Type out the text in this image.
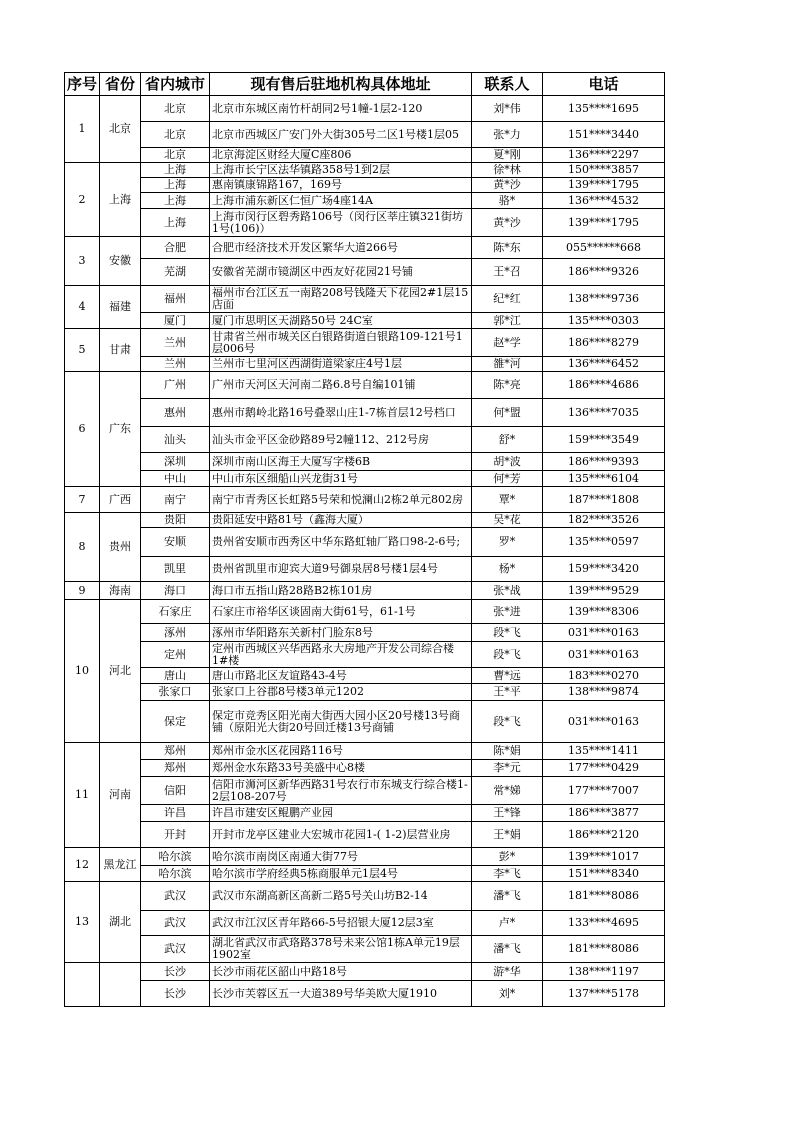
序号	省份	省内城市	现有售后驻地机构具体地址	联系人	电话
1	北京	北京	北京市东城区南竹杆胡同2号1幢-1层2-120	刘*伟	135****1695

		北京	北京市西城区广安门外大街305号二区1号楼1层05	张*力	151****3440

		北京	北京海淀区财经大厦C座806	夏*刚	136****2297

2	上海	上海	上海市长宁区法华镇路358号1到2层	徐*林	150****3857

		上海	惠南镇康锦路167，169号	黄*沙	139****1795

		上海	上海市浦东新区仁恒广场4座14A	骆*	136****4532

		上海	上海市闵行区碧秀路106号（闵行区莘庄镇321街坊1号(106)）	黄*沙	139****1795

3	安徽	合肥	合肥市经济技术开发区繁华大道266号	陈*东	055******668

		芜湖	安徽省芜湖市镜湖区中西友好花园21号铺	王*召	186****9326

4	福建	福州	福州市台江区五一南路208号钱隆天下花园2#1层15店面	纪*红	138****9736

		厦门	厦门市思明区天湖路50号 24C室	郭*江	135****0303

5	甘肃	兰州	甘肃省兰州市城关区白银路街道白银路109-121号1层006号	赵*学	186****8279

		兰州	兰州市七里河区西湖街道梁家庄4号1层	雒*河	136****6452

6	广东	广州	广州市天河区天河南二路6.8号自编101铺	陈*亮	186****4686

		惠州	惠州市鹅岭北路16号叠翠山庄1-7栋首层12号档口	何*盟	136****7035

		汕头	汕头市金平区金砂路89号2幢112、212号房	舒*	159****3549

		深圳	深圳市南山区海王大厦写字楼6B	胡*波	186****9393

		中山	中山市东区细船山兴龙街31号	何*芳	135****6104

7	广西	南宁	南宁市青秀区长虹路5号荣和悦澜山2栋2单元802房	覃*	187****1808

8	贵州	贵阳	贵阳延安中路81号（鑫海大厦）	吴*花	182****3526

		安顺	贵州省安顺市西秀区中华东路虹轴厂路口98-2-6号;	罗*	135****0597

		凯里	贵州省凯里市迎宾大道9号御泉居8号楼1层4号	杨*	159****3420

9	海南	海口	海口市五指山路28路B2栋101房	张*战	139****9529

10	河北	石家庄	石家庄市裕华区谈固南大街61号，61-1号	张*进	139****8306

		涿州	涿州市华阳路东关新村门脸东8号	段*飞	031****0163

		定州	定州市西城区兴华西路永大房地产开发公司综合楼1#楼	段*飞	031****0163

		唐山	唐山市路北区友谊路43-4号	曹*远	183****0270

		张家口	张家口上谷郡8号楼3单元1202	王*平	138****9874

		保定	保定市竞秀区阳光南大街西大园小区20号楼13号商铺（原阳光大街20号回迁楼13号商铺	段*飞	031****0163

11	河南	郑州	郑州市金水区花园路116号	陈*娟	135****1411

		郑州	郑州金水东路33号美盛中心8楼	李*元	177****0429

		信阳	信阳市浉河区新华西路31号农行市东城支行综合楼1-2层108-207号	常*娣	177****7007

		许昌	许昌市建安区鲲鹏产业园	王*锋	186****3877

		开封	开封市龙亭区建业大宏城市花园1-( 1-2)层营业房	王*娟	186****2120

12	黑龙江	哈尔滨	哈尔滨市南岗区南通大街77号	彭*	139****1017

		哈尔滨	哈尔滨市学府经典5栋商服单元1层4号	李*飞	151****8340

13	湖北	武汉	武汉市东湖高新区高新二路5号关山坊B2-14	潘*飞	181****8086

		武汉	武汉市江汉区青年路66-5号招银大厦12层3室	卢*	133****4695

		武汉	湖北省武汉市武珞路378号未来公馆1栋A单元19层1902室	潘*飞	181****8086

		长沙	长沙市雨花区韶山中路18号	游*华	138****1197

		长沙	长沙市芙蓉区五一大道389号华美欧大厦1910	刘*	137****5178
